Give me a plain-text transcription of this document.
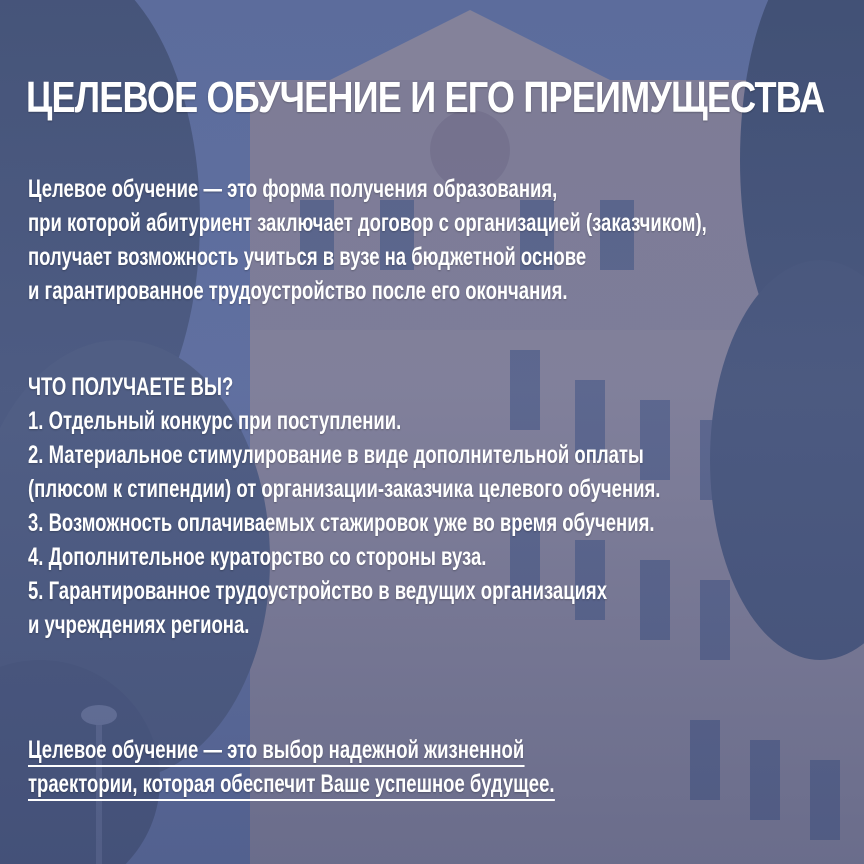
ЦЕЛЕВОЕ ОБУЧЕНИЕ И ЕГО ПРЕИМУЩЕСТВА
Целевое обучение — это форма получения образования,
при которой абитуриент заключает договор с организацией (заказчиком),
получает возможность учиться в вузе на бюджетной основе
и гарантированное трудоустройство после его окончания.
ЧТО ПОЛУЧАЕТЕ ВЫ?
1. Отдельный конкурс при поступлении.
2. Материальное стимулирование в виде дополнительной оплаты
(плюсом к стипендии) от организации-заказчика целевого обучения.
3. Возможность оплачиваемых стажировок уже во время обучения.
4. Дополнительное кураторство со стороны вуза.
5. Гарантированное трудоустройство в ведущих организациях
и учреждениях региона.
Целевое обучение — это выбор надежной жизненной
траектории, которая обеспечит Ваше успешное будущее.
